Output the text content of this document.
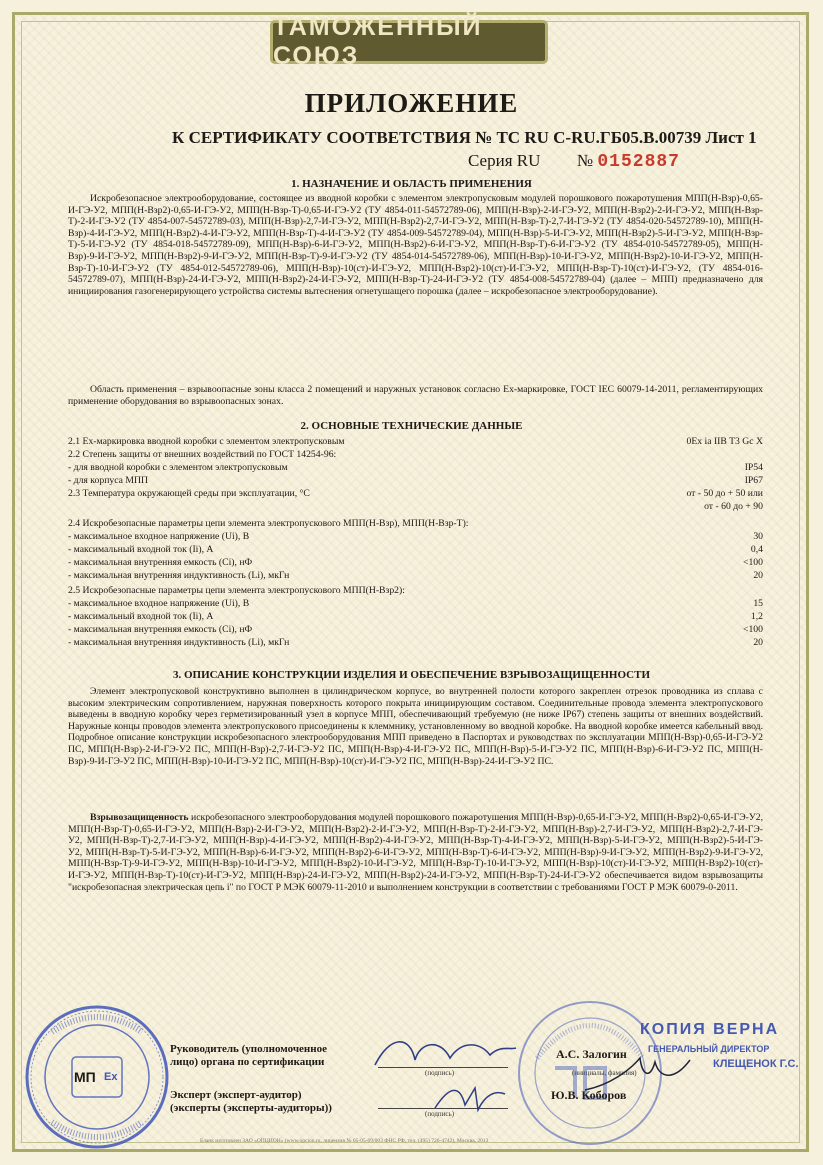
ТАМОЖЕННЫЙ СОЮЗ
ПРИЛОЖЕНИЕ
К СЕРТИФИКАТУ СООТВЕТСТВИЯ № ТС RU С-RU.ГБ05.В.00739 Лист 1
Серия RU № 0152887
1. НАЗНАЧЕНИЕ И ОБЛАСТЬ ПРИМЕНЕНИЯ
Искробезопасное электрооборудование, состоящее из вводной коробки с элементом электропусковым модулей порошкового пожаротушения МПП(Н-Взр)-0,65-И-ГЭ-У2, МПП(Н-Взр2)-0,65-И-ГЭ-У2, МПП(Н-Взр-Т)-0,65-И-ГЭ-У2 (ТУ 4854-011-54572789-06), МПП(Н-Взр)-2-И-ГЭ-У2, МПП(Н-Взр2)-2-И-ГЭ-У2, МПП(Н-Взр-Т)-2-И-ГЭ-У2 (ТУ 4854-007-54572789-03), МПП(Н-Взр)-2,7-И-ГЭ-У2, МПП(Н-Взр2)-2,7-И-ГЭ-У2, МПП(Н-Взр-Т)-2,7-И-ГЭ-У2 (ТУ 4854-020-54572789-10), МПП(Н-Взр)-4-И-ГЭ-У2, МПП(Н-Взр2)-4-И-ГЭ-У2, МПП(Н-Взр-Т)-4-И-ГЭ-У2 (ТУ 4854-009-54572789-04), МПП(Н-Взр)-5-И-ГЭ-У2, МПП(Н-Взр2)-5-И-ГЭ-У2, МПП(Н-Взр-Т)-5-И-ГЭ-У2 (ТУ 4854-018-54572789-09), МПП(Н-Взр)-6-И-ГЭ-У2, МПП(Н-Взр2)-6-И-ГЭ-У2, МПП(Н-Взр-Т)-6-И-ГЭ-У2 (ТУ 4854-010-54572789-05), МПП(Н-Взр)-9-И-ГЭ-У2, МПП(Н-Взр2)-9-И-ГЭ-У2, МПП(Н-Взр-Т)-9-И-ГЭ-У2 (ТУ 4854-014-54572789-06), МПП(Н-Взр)-10-И-ГЭ-У2, МПП(Н-Взр2)-10-И-ГЭ-У2, МПП(Н-Взр-Т)-10-И-ГЭ-У2 (ТУ 4854-012-54572789-06), МПП(Н-Взр)-10(ст)-И-ГЭ-У2, МПП(Н-Взр2)-10(ст)-И-ГЭ-У2, МПП(Н-Взр-Т)-10(ст)-И-ГЭ-У2, (ТУ 4854-016-54572789-07), МПП(Н-Взр)-24-И-ГЭ-У2, МПП(Н-Взр2)-24-И-ГЭ-У2, МПП(Н-Взр-Т)-24-И-ГЭ-У2 (ТУ 4854-008-54572789-04) (далее – МПП) предназначено для инициирования газогенерирующего устройства системы вытеснения огнетушащего порошка (далее – искробезопасное электрооборудование).
Область применения – взрывоопасные зоны класса 2 помещений и наружных установок согласно Ex-маркировке, ГОСТ IEC 60079-14-2011, регламентирующих применение оборудования во взрывоопасных зонах.
2. ОСНОВНЫЕ ТЕХНИЧЕСКИЕ ДАННЫЕ
2.1 Ex-маркировка вводной коробки с элементом электропусковым	0Ex ia IIB T3 Gc X
2.2 Степень защиты от внешних воздействий по ГОСТ 14254-96:
- для вводной коробки с элементом электропусковым	IP54
- для корпуса МПП	IP67
2.3 Температура окружающей среды при эксплуатации, °С	от - 50 до + 50 или
от - 60 до + 90
2.4 Искробезопасные параметры цепи элемента электропускового МПП(Н-Взр), МПП(Н-Взр-Т):
- максимальное входное напряжение (Ui), В	30
- максимальный входной ток (Ii), А	0,4
- максимальная внутренняя емкость (Ci), нФ	<100
- максимальная внутренняя индуктивность (Li), мкГн	20
2.5 Искробезопасные параметры цепи элемента электропускового МПП(Н-Взр2):
- максимальное входное напряжение (Ui), В	15
- максимальный входной ток (Ii), А	1,2
- максимальная внутренняя емкость (Ci), нФ	<100
- максимальная внутренняя индуктивность (Li), мкГн	20
3. ОПИСАНИЕ КОНСТРУКЦИИ ИЗДЕЛИЯ И ОБЕСПЕЧЕНИЕ ВЗРЫВОЗАЩИЩЕННОСТИ
Элемент электропусковой конструктивно выполнен в цилиндрическом корпусе, во внутренней полости которого закреплен отрезок проводника из сплава с высоким электрическим сопротивлением, наружная поверхность которого покрыта инициирующим составом. Соединительные провода элемента электропускового выведены в вводную коробку через герметизированный узел в корпусе МПП, обеспечивающий требуемую (не ниже IP67) степень защиты от внешних воздействий. Наружные концы проводов элемента электропускового присоединены к клеммнику, установленному во вводной коробке. На вводной коробке имеется кабельный ввод. Подробное описание конструкции искробезопасного электрооборудования МПП приведено в Паспортах и руководствах по эксплуатации МПП(Н-Взр)-0,65-И-ГЭ-У2 ПС, МПП(Н-Взр)-2-И-ГЭ-У2 ПС, МПП(Н-Взр)-2,7-И-ГЭ-У2 ПС, МПП(Н-Взр)-4-И-ГЭ-У2 ПС, МПП(Н-Взр)-5-И-ГЭ-У2 ПС, МПП(Н-Взр)-6-И-ГЭ-У2 ПС, МПП(Н-Взр)-9-И-ГЭ-У2 ПС, МПП(Н-Взр)-10-И-ГЭ-У2 ПС, МПП(Н-Взр)-10(ст)-И-ГЭ-У2 ПС, МПП(Н-Взр)-24-И-ГЭ-У2 ПС.
Взрывозащищенность искробезопасного электрооборудования модулей порошкового пожаротушения МПП(Н-Взр)-0,65-И-ГЭ-У2, МПП(Н-Взр2)-0,65-И-ГЭ-У2, МПП(Н-Взр-Т)-0,65-И-ГЭ-У2, МПП(Н-Взр)-2-И-ГЭ-У2, МПП(Н-Взр2)-2-И-ГЭ-У2, МПП(Н-Взр-Т)-2-И-ГЭ-У2, МПП(Н-Взр)-2,7-И-ГЭ-У2, МПП(Н-Взр2)-2,7-И-ГЭ-У2, МПП(Н-Взр-Т)-2,7-И-ГЭ-У2, МПП(Н-Взр)-4-И-ГЭ-У2, МПП(Н-Взр2)-4-И-ГЭ-У2, МПП(Н-Взр-Т)-4-И-ГЭ-У2, МПП(Н-Взр)-5-И-ГЭ-У2, МПП(Н-Взр2)-5-И-ГЭ-У2, МПП(Н-Взр-Т)-5-И-ГЭ-У2, МПП(Н-Взр)-6-И-ГЭ-У2, МПП(Н-Взр2)-6-И-ГЭ-У2, МПП(Н-Взр-Т)-6-И-ГЭ-У2, МПП(Н-Взр)-9-И-ГЭ-У2, МПП(Н-Взр2)-9-И-ГЭ-У2, МПП(Н-Взр-Т)-9-И-ГЭ-У2, МПП(Н-Взр)-10-И-ГЭ-У2, МПП(Н-Взр2)-10-И-ГЭ-У2, МПП(Н-Взр-Т)-10-И-ГЭ-У2, МПП(Н-Взр)-10(ст)-И-ГЭ-У2, МПП(Н-Взр2)-10(ст)-И-ГЭ-У2, МПП(Н-Взр-Т)-10(ст)-И-ГЭ-У2, МПП(Н-Взр)-24-И-ГЭ-У2, МПП(Н-Взр2)-24-И-ГЭ-У2, МПП(Н-Взр-Т)-24-И-ГЭ-У2 обеспечивается видом взрывозащиты "искробезопасная электрическая цепь i" по ГОСТ Р МЭК 60079-11-2010 и выполнением конструкции в соответствии с требованиями ГОСТ Р МЭК 60079-0-2011.
МП Ex
Руководитель (уполномоченное
лицо) органа по сертификации
Эксперт (эксперт-аудитор)
(эксперты (эксперты-аудиторы))
(подпись)
(подпись)
(инициалы, фамилия)
А.С. Залогин
Ю.В. Коборов
КОПИЯ ВЕРНА
ГЕНЕРАЛЬНЫЙ ДИРЕКТОР
КЛЕЩЕНОК Г.С.
Бланк изготовлен ЗАО «ОПЦИОН» (www.opcion.ru, лицензия № 05-05-09/003 ФНС РФ, тел. (495) 726-4742), Москва, 2013
